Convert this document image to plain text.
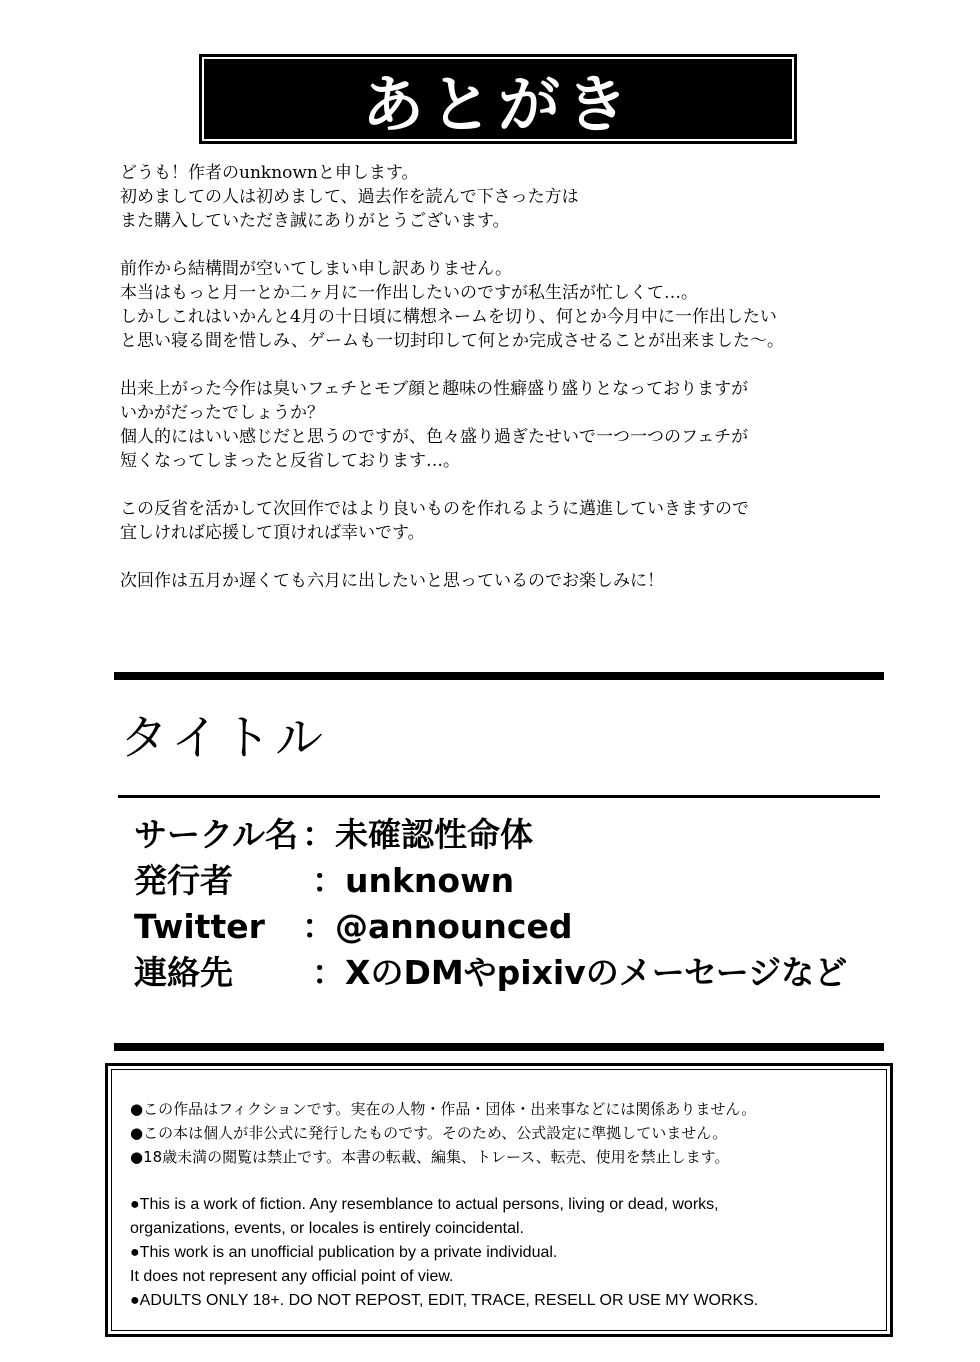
あとがき

どうも！作者のunknownと申します。
初めましての人は初めまして、過去作を読んで下さった方は
また購入していただき誠にありがとうございます。

前作から結構間が空いてしまい申し訳ありません。
本当はもっと月一とか二ヶ月に一作出したいのですが私生活が忙しくて…。
しかしこれはいかんと4月の十日頃に構想ネームを切り、何とか今月中に一作出したい
と思い寝る間を惜しみ、ゲームも一切封印して何とか完成させることが出来ました～。

出来上がった今作は臭いフェチとモブ顔と趣味の性癖盛り盛りとなっておりますが
いかがだったでしょうか？
個人的にはいい感じだと思うのですが、色々盛り過ぎたせいで一つ一つのフェチが
短くなってしまったと反省しております…。

この反省を活かして次回作ではより良いものを作れるように邁進していきますので
宜しければ応援して頂ければ幸いです。

次回作は五月か遅くても六月に出したいと思っているのでお楽しみに！

タイトル
サークル名 ：未確認性命体
発行者 ：unknown
Twitter ：@announced
連絡先 ：XのDMやpixivのメーセージなど
●この作品はフィクションです。実在の人物・作品・団体・出来事などには関係ありません。
●この本は個人が非公式に発行したものです。そのため、公式設定に準拠していません。
●18歳未満の閲覧は禁止です。本書の転載、編集、トレース、転売、使用を禁止します。
●This is a work of fiction. Any resemblance to actual persons, living or dead, works,
organizations, events, or locales is entirely coincidental.
●This work is an unofficial publication by a private individual.
It does not represent any official point of view.
●ADULTS ONLY 18+. DO NOT REPOST, EDIT, TRACE, RESELL OR USE MY WORKS.
